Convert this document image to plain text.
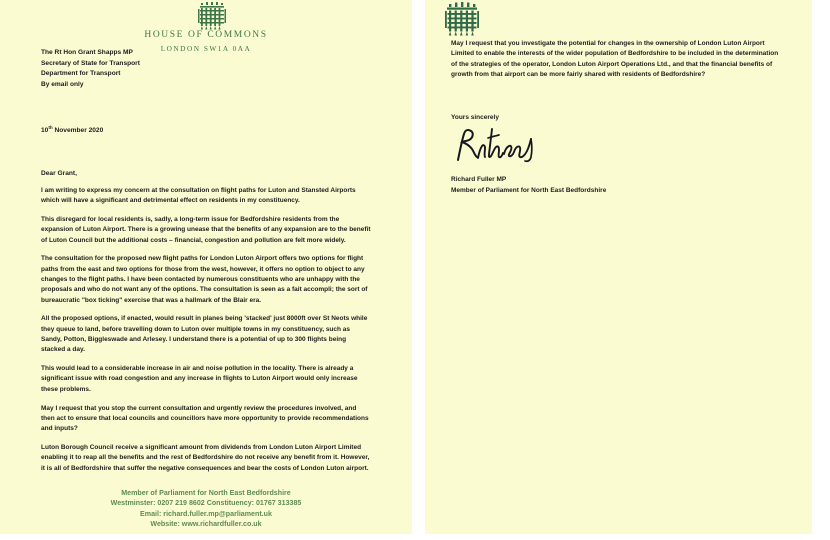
HOUSE OF COMMONS
LONDON SW1A 0AA
The Rt Hon Grant Shapps MP
Secretary of State for Transport
Department for Transport
By email only
10th November 2020
Dear Grant,

I am writing to express my concern at the consultation on flight paths for Luton and Stansted Airports which will have a significant and detrimental effect on residents in my constituency.

This disregard for local residents is, sadly, a long-term issue for Bedfordshire residents from the expansion of Luton Airport. There is a growing unease that the benefits of any expansion are to the benefit of Luton Council but the additional costs – financial, congestion and pollution are felt more widely.

The consultation for the proposed new flight paths for London Luton Airport offers two options for flight paths from the east and two options for those from the west, however, it offers no option to object to any changes to the flight paths. I have been contacted by numerous constituents who are unhappy with the proposals and who do not want any of the options. The consultation is seen as a fait accompli; the sort of bureaucratic "box ticking" exercise that was a hallmark of the Blair era.

All the proposed options, if enacted, would result in planes being 'stacked' just 8000ft over St Neots while they queue to land, before travelling down to Luton over multiple towns in my constituency, such as Sandy, Potton, Biggleswade and Arlesey. I understand there is a potential of up to 300 flights being stacked a day.

This would lead to a considerable increase in air and noise pollution in the locality. There is already a significant issue with road congestion and any increase in flights to Luton Airport would only increase these problems.

May I request that you stop the current consultation and urgently review the procedures involved, and then act to ensure that local councils and councillors have more opportunity to provide recommendations and inputs?

Luton Borough Council receive a significant amount from dividends from London Luton Airport Limited enabling it to reap all the benefits and the rest of Bedfordshire do not receive any benefit from it. However, it is all of Bedfordshire that suffer the negative consequences and bear the costs of London Luton airport.

Member of Parliament for North East Bedfordshire
Westminster: 0207 219 8602 Constituency: 01767 313385
Email: richard.fuller.mp@parliament.uk
Website: www.richardfuller.co.uk

May I request that you investigate the potential for changes in the ownership of London Luton Airport Limited to enable the interests of the wider population of Bedfordshire to be included in the determination of the strategies of the operator, London Luton Airport Operations Ltd., and that the financial benefits of growth from that airport can be more fairly shared with residents of Bedfordshire?

Yours sincerely
Richard Fuller MP
Member of Parliament for North East Bedfordshire
